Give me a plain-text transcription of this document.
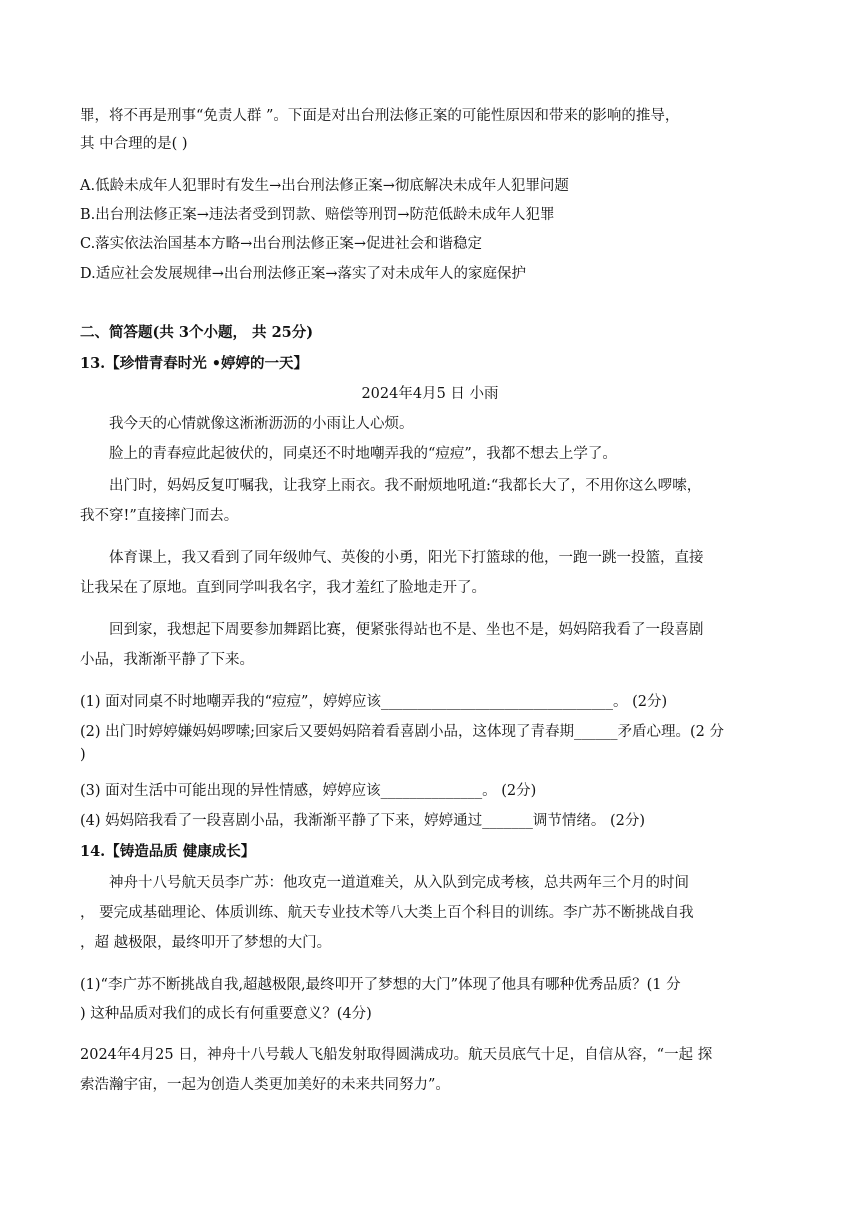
罪，将不再是刑事“免责人群 ”。下面是对出台刑法修正案的可能性原因和带来的影响的推导，
其 中合理的是( )
A.低龄未成年人犯罪时有发生→出台刑法修正案→彻底解决未成年人犯罪问题
B.出台刑法修正案→违法者受到罚款、赔偿等刑罚→防范低龄未成年人犯罪
C.落实依法治国基本方略→出台刑法修正案→促进社会和谐稳定
D.适应社会发展规律→出台刑法修正案→落实了对未成年人的家庭保护
二、简答题(共 3个小题， 共 25分)
13.【珍惜青春时光 •婷婷的一天】
2024年4月5 日 小雨
我今天的心情就像这淅淅沥沥的小雨让人心烦。
脸上的青春痘此起彼伏的，同桌还不时地嘲弄我的“痘痘”，我都不想去上学了。
出门时，妈妈反复叮嘱我，让我穿上雨衣。我不耐烦地吼道:“我都长大了，不用你这么啰嗦，
我不穿!”直接摔门而去。
体育课上，我又看到了同年级帅气、英俊的小勇，阳光下打篮球的他，一跑一跳一投篮，直接
让我呆在了原地。直到同学叫我名字，我才羞红了脸地走开了。
回到家，我想起下周要参加舞蹈比赛，便紧张得站也不是、坐也不是，妈妈陪我看了一段喜剧
小品，我渐渐平静了下来。
(1) 面对同桌不时地嘲弄我的“痘痘”，婷婷应该________________________________。 (2分)
(2) 出门时婷婷嫌妈妈啰嗦;回家后又要妈妈陪着看喜剧小品，这体现了青春期______矛盾心理。(2 分
)
(3) 面对生活中可能出现的异性情感，婷婷应该______________。 (2分)
(4) 妈妈陪我看了一段喜剧小品，我渐渐平静了下来，婷婷通过_______调节情绪。 (2分)
14.【铸造品质 健康成长】
神舟十八号航天员李广苏：他攻克一道道难关，从入队到完成考核，总共两年三个月的时间
， 要完成基础理论、体质训练、航天专业技术等八大类上百个科目的训练。李广苏不断挑战自我
，超 越极限，最终叩开了梦想的大门。
(1)“李广苏不断挑战自我,超越极限,最终叩开了梦想的大门”体现了他具有哪种优秀品质？(1 分
) 这种品质对我们的成长有何重要意义？(4分)
2024年4月25 日，神舟十八号载人飞船发射取得圆满成功。航天员底气十足，自信从容，“一起 探
索浩瀚宇宙，一起为创造人类更加美好的未来共同努力”。
